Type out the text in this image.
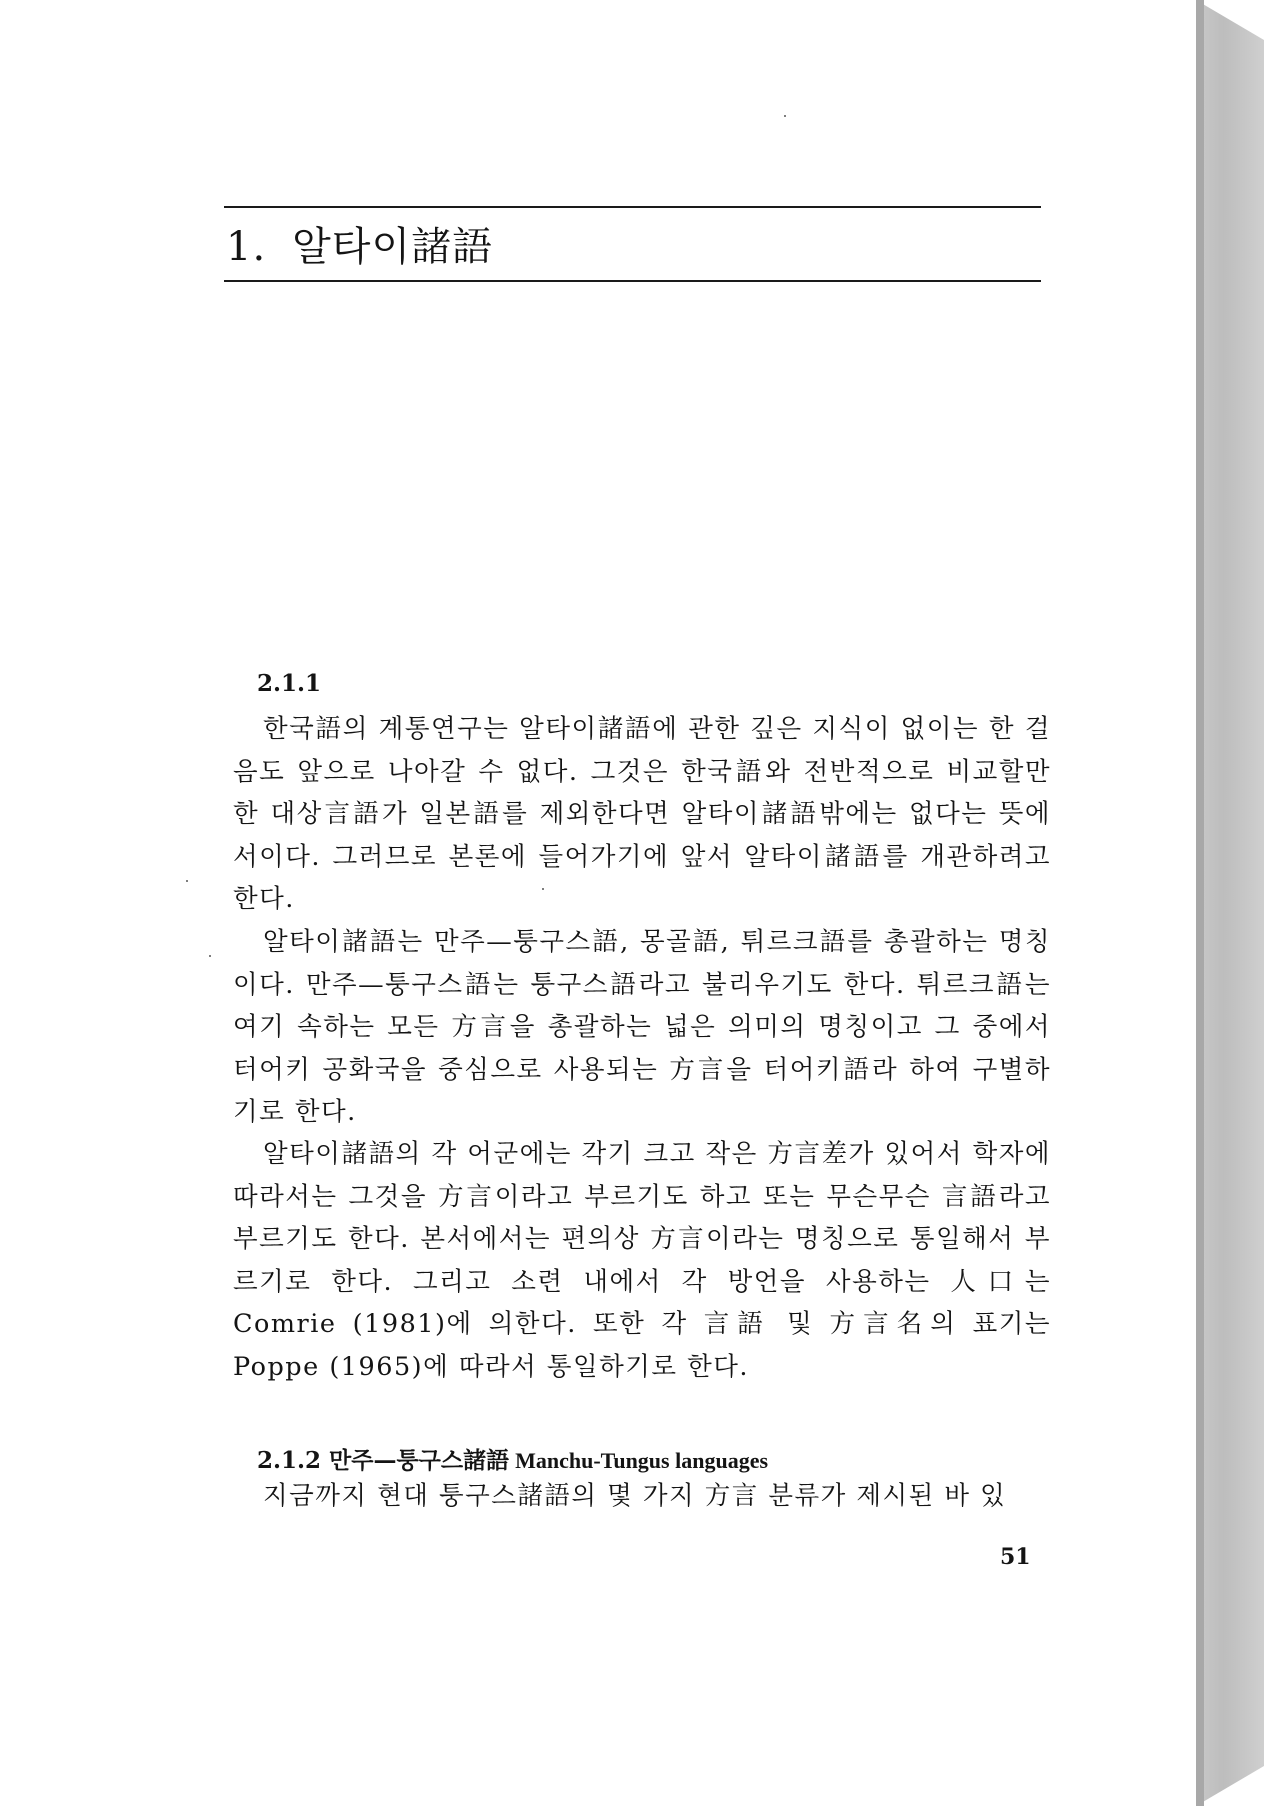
1. 알타이諸語
2.1.1

한국語의 계통연구는 알타이諸語에 관한 깊은 지식이 없이는 한 걸음도 앞으로 나아갈 수 없다. 그것은 한국語와 전반적으로 비교할만한 대상言語가 일본語를 제외한다면 알타이諸語밖에는 없다는 뜻에서이다. 그러므로 본론에 들어가기에 앞서 알타이諸語를 개관하려고 한다.

알타이諸語는 만주—퉁구스語, 몽골語, 튀르크語를 총괄하는 명칭이다. 만주—퉁구스語는 퉁구스語라고 불리우기도 한다. 튀르크語는 여기 속하는 모든 方言을 총괄하는 넓은 의미의 명칭이고 그 중에서 터어키 공화국을 중심으로 사용되는 方言을 터어키語라 하여 구별하기로 한다.

알타이諸語의 각 어군에는 각기 크고 작은 方言差가 있어서 학자에 따라서는 그것을 方言이라고 부르기도 하고 또는 무슨무슨 言語라고 부르기도 한다. 본서에서는 편의상 方言이라는 명칭으로 통일해서 부르기로 한다. 그리고 소련 내에서 각 방언을 사용하는 人口는 Comrie (1981)에 의한다. 또한 각 言語 및 方言名의 표기는 Poppe (1965)에 따라서 통일하기로 한다.

2.1.2 만주—퉁구스諸語 Manchu-Tungus languages

지금까지 현대 퉁구스諸語의 몇 가지 方言 분류가 제시된 바 있

51
